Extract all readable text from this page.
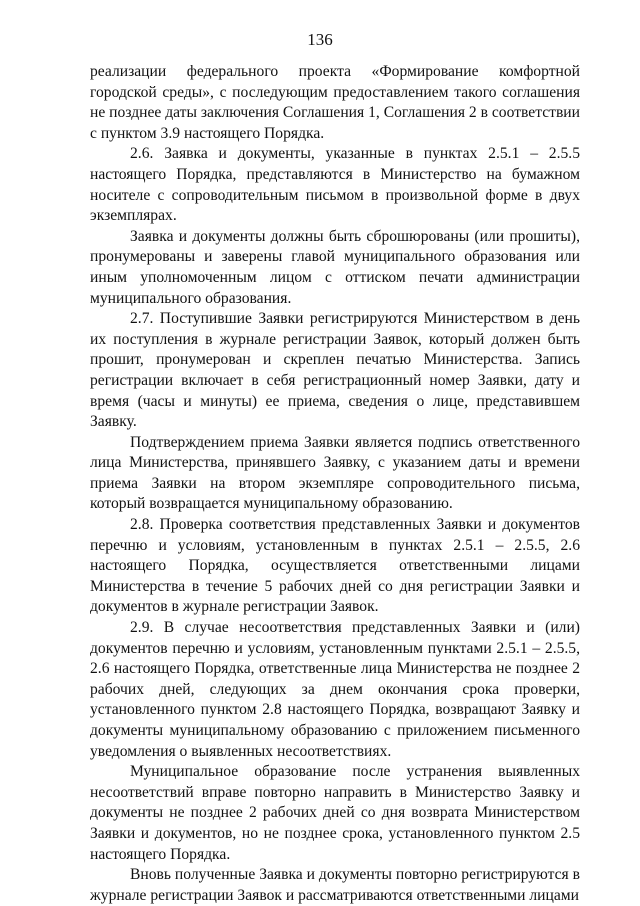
136

реализации федерального проекта «Формирование комфортной городской среды», с последующим предоставлением такого соглашения не позднее даты заключения Соглашения 1, Соглашения 2 в соответствии с пунктом 3.9 настоящего Порядка.

2.6. Заявка и документы, указанные в пунктах 2.5.1 – 2.5.5 настоящего Порядка, представляются в Министерство на бумажном носителе с сопроводительным письмом в произвольной форме в двух экземплярах.

Заявка и документы должны быть сброшюрованы (или прошиты), пронумерованы и заверены главой муниципального образования или иным уполномоченным лицом с оттиском печати администрации муниципального образования.

2.7. Поступившие Заявки регистрируются Министерством в день их поступления в журнале регистрации Заявок, который должен быть прошит, пронумерован и скреплен печатью Министерства. Запись регистрации включает в себя регистрационный номер Заявки, дату и время (часы и минуты) ее приема, сведения о лице, представившем Заявку.

Подтверждением приема Заявки является подпись ответственного лица Министерства, принявшего Заявку, с указанием даты и времени приема Заявки на втором экземпляре сопроводительного письма, который возвращается муниципальному образованию.

2.8. Проверка соответствия представленных Заявки и документов перечню и условиям, установленным в пунктах 2.5.1 – 2.5.5, 2.6 настоящего Порядка, осуществляется ответственными лицами Министерства в течение 5 рабочих дней со дня регистрации Заявки и документов в журнале регистрации Заявок.

2.9. В случае несоответствия представленных Заявки и (или) документов перечню и условиям, установленным пунктами 2.5.1 – 2.5.5, 2.6 настоящего Порядка, ответственные лица Министерства не позднее 2 рабочих дней, следующих за днем окончания срока проверки, установленного пунктом 2.8 настоящего Порядка, возвращают Заявку и документы муниципальному образованию с приложением письменного уведомления о выявленных несоответствиях.

Муниципальное образование после устранения выявленных несоответствий вправе повторно направить в Министерство Заявку и документы не позднее 2 рабочих дней со дня возврата Министерством Заявки и документов, но не позднее срока, установленного пунктом 2.5 настоящего Порядка.

Вновь полученные Заявка и документы повторно регистрируются в журнале регистрации Заявок и рассматриваются ответственными лицами
